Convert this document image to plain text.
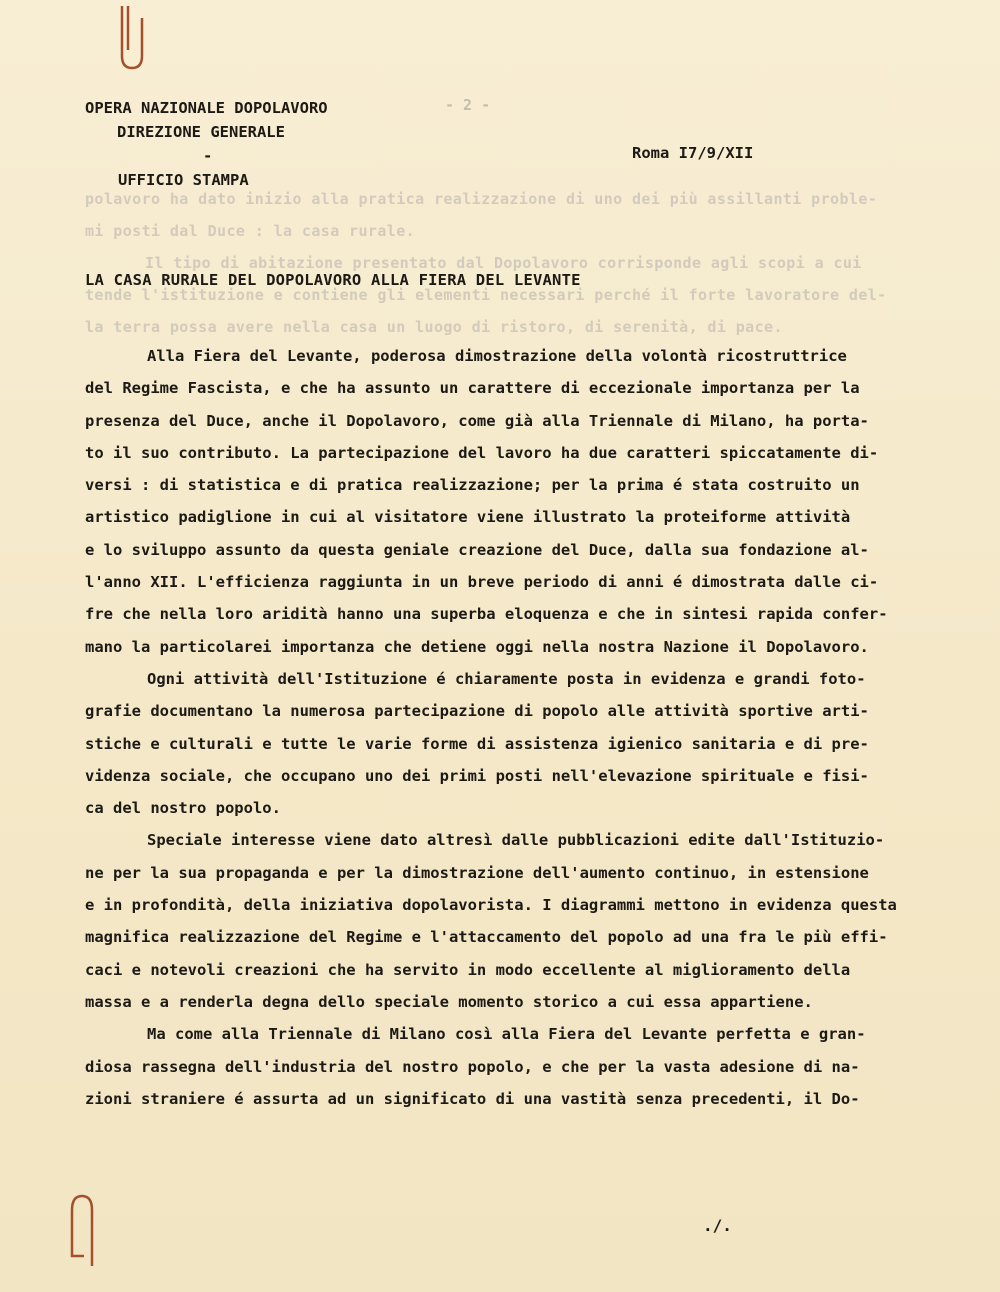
polavoro ha dato inizio alla pratica realizzazione di uno dei più assillanti proble-
mi posti dal Duce : la casa rurale.
Il tipo di abitazione presentato dal Dopolavoro corrisponde agli scopi a cui
tende l'istituzione e contiene gli elementi necessari perché il forte lavoratore del-
la terra possa avere nella casa un luogo di ristoro, di serenità, di pace.
OPERA NAZIONALE DOPOLAVORO
DIREZIONE GENERALE
-
UFFICIO STAMPA
- 2 -
Roma I7/9/XII
LA CASA RURALE DEL DOPOLAVORO ALLA FIERA DEL LEVANTE
Alla Fiera del Levante, poderosa dimostrazione della volontà ricostruttrice
del Regime Fascista, e che ha assunto un carattere di eccezionale importanza per la
presenza del Duce, anche il Dopolavoro, come già alla Triennale di Milano, ha porta-
to il suo contributo. La partecipazione del lavoro ha due caratteri spiccatamente di-
versi : di statistica e di pratica realizzazione; per la prima é stata costruito un
artistico padiglione in cui al visitatore viene illustrato la proteiforme attività
e lo sviluppo assunto da questa geniale creazione del Duce, dalla sua fondazione al-
l'anno XII. L'efficienza raggiunta in un breve periodo di anni é dimostrata dalle ci-
fre che nella loro aridità hanno una superba eloquenza e che in sintesi rapida confer-
mano la particolarei importanza che detiene oggi nella nostra Nazione il Dopolavoro.
Ogni attività dell'Istituzione é chiaramente posta in evidenza e grandi foto-
grafie documentano la numerosa partecipazione di popolo alle attività sportive arti-
stiche e culturali e tutte le varie forme di assistenza igienico sanitaria e di pre-
videnza sociale, che occupano uno dei primi posti nell'elevazione spirituale e fisi-
ca del nostro popolo.
Speciale interesse viene dato altresì dalle pubblicazioni edite dall'Istituzio-
ne per la sua propaganda e per la dimostrazione dell'aumento continuo, in estensione
e in profondità, della iniziativa dopolavorista. I diagrammi mettono in evidenza questa
magnifica realizzazione del Regime e l'attaccamento del popolo ad una fra le più effi-
caci e notevoli creazioni che ha servito in modo eccellente al miglioramento della
massa e a renderla degna dello speciale momento storico a cui essa appartiene.
Ma come alla Triennale di Milano così alla Fiera del Levante perfetta e gran-
diosa rassegna dell'industria del nostro popolo, e che per la vasta adesione di na-
zioni straniere é assurta ad un significato di una vastità senza precedenti, il Do-
./.
